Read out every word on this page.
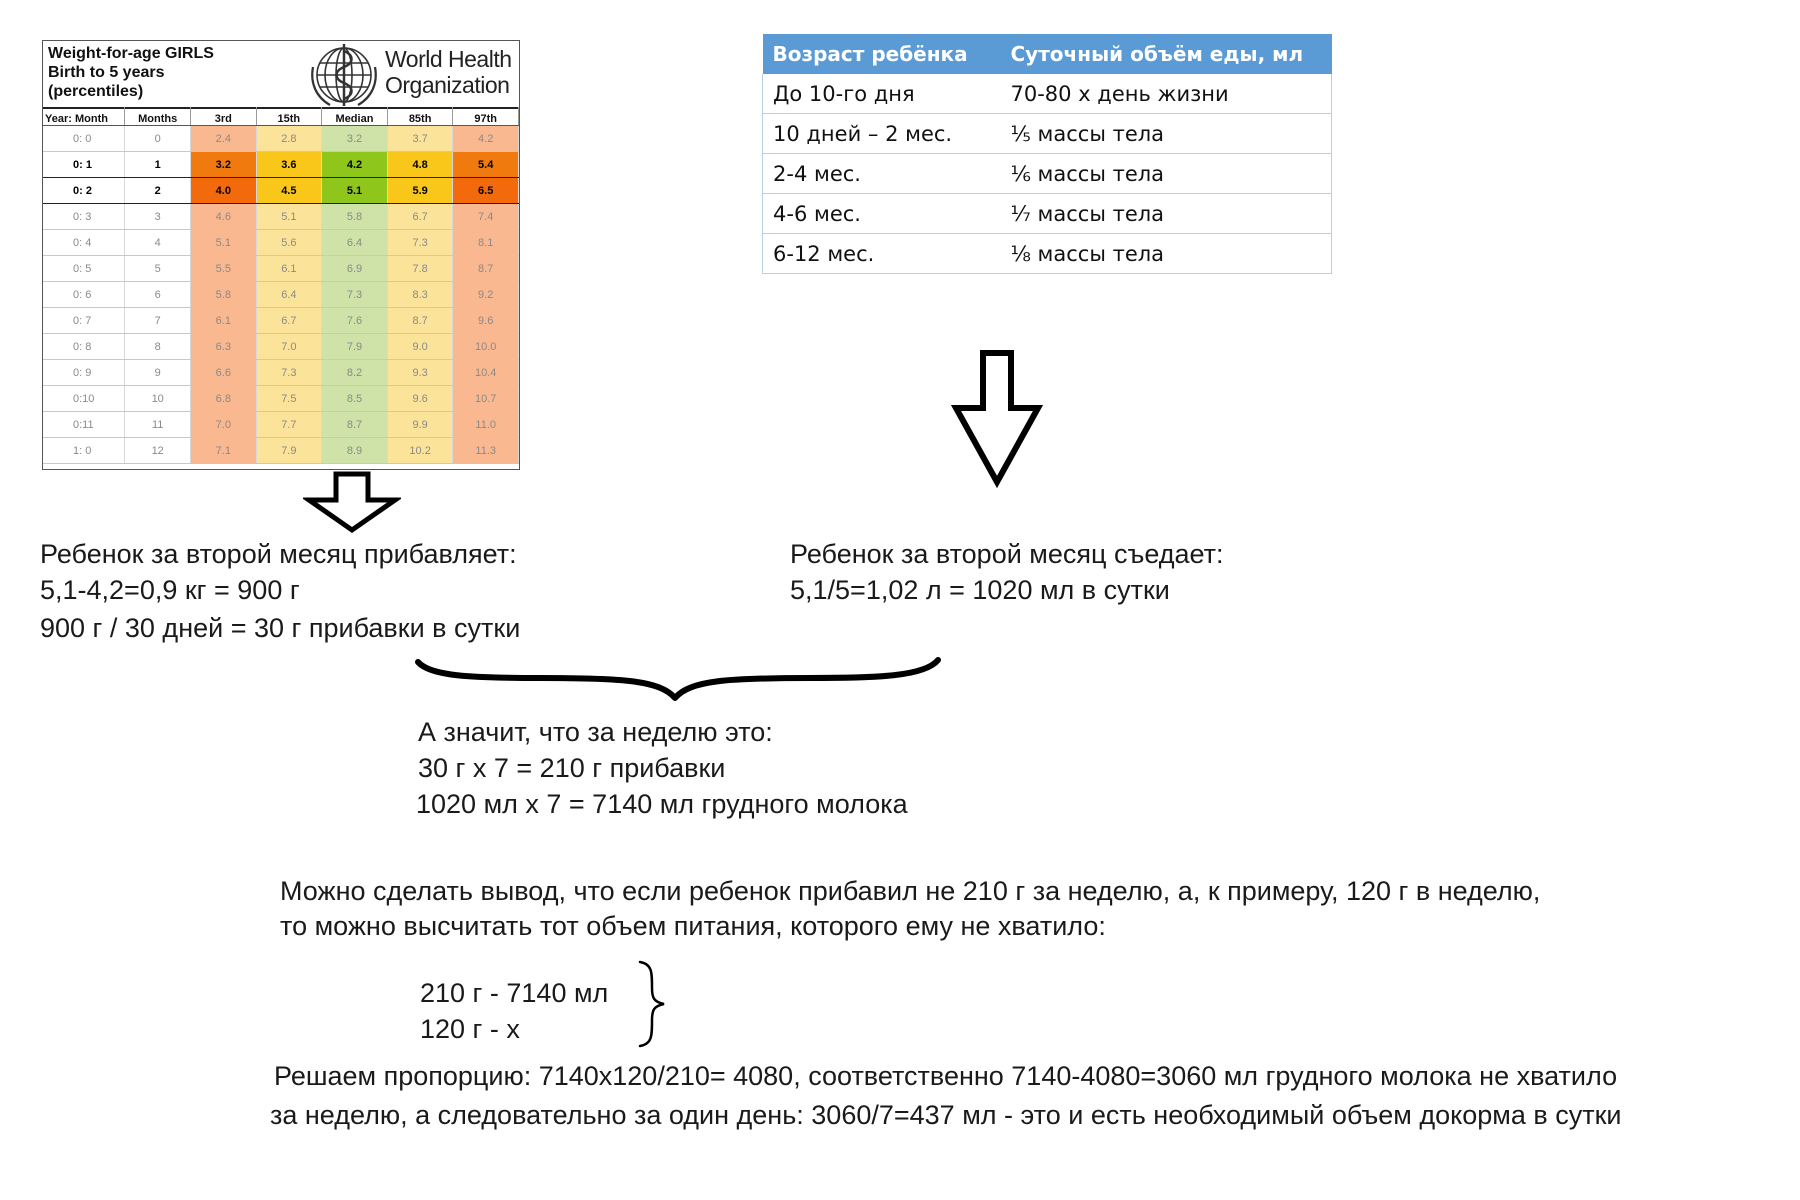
Weight-for-age GIRLS
Birth to 5 years
(percentiles)
World Health
Organization
Year: Month	Months	3rd	15th	Median	85th	97th
0: 0	0	2.4	2.8	3.2	3.7	4.2
0: 1	1	3.2	3.6	4.2	4.8	5.4
0: 2	2	4.0	4.5	5.1	5.9	6.5
0: 3	3	4.6	5.1	5.8	6.7	7.4
0: 4	4	5.1	5.6	6.4	7.3	8.1
0: 5	5	5.5	6.1	6.9	7.8	8.7
0: 6	6	5.8	6.4	7.3	8.3	9.2
0: 7	7	6.1	6.7	7.6	8.7	9.6
0: 8	8	6.3	7.0	7.9	9.0	10.0
0: 9	9	6.6	7.3	8.2	9.3	10.4
0:10	10	6.8	7.5	8.5	9.6	10.7
0:11	11	7.0	7.7	8.7	9.9	11.0
1: 0	12	7.1	7.9	8.9	10.2	11.3
Возраст ребёнка	Суточный объём еды, мл
До 10-го дня	70-80 х день жизни
10 дней – 2 мес.	⅕ массы тела
2-4 мес.	⅙ массы тела
4-6 мес.	⅐ массы тела
6-12 мес.	⅛ массы тела
Ребенок за второй месяц прибавляет:
5,1-4,2=0,9 кг = 900 г
900 г / 30 дней = 30 г прибавки в сутки
Ребенок за второй месяц съедает:
5,1/5=1,02 л = 1020 мл в сутки
А значит, что за неделю это:
30 г х 7 = 210 г прибавки
1020 мл х 7 = 7140 мл грудного молока
Можно сделать вывод, что если ребенок прибавил не 210 г за неделю, а, к примеру, 120 г в неделю,
то можно высчитать тот объем питания, которого ему не хватило:
210 г - 7140 мл
120 г - х
Решаем пропорцию: 7140х120/210= 4080, соответственно 7140-4080=3060 мл грудного молока не хватило
за неделю, а следовательно за один день: 3060/7=437 мл - это и есть необходимый объем докорма в сутки
